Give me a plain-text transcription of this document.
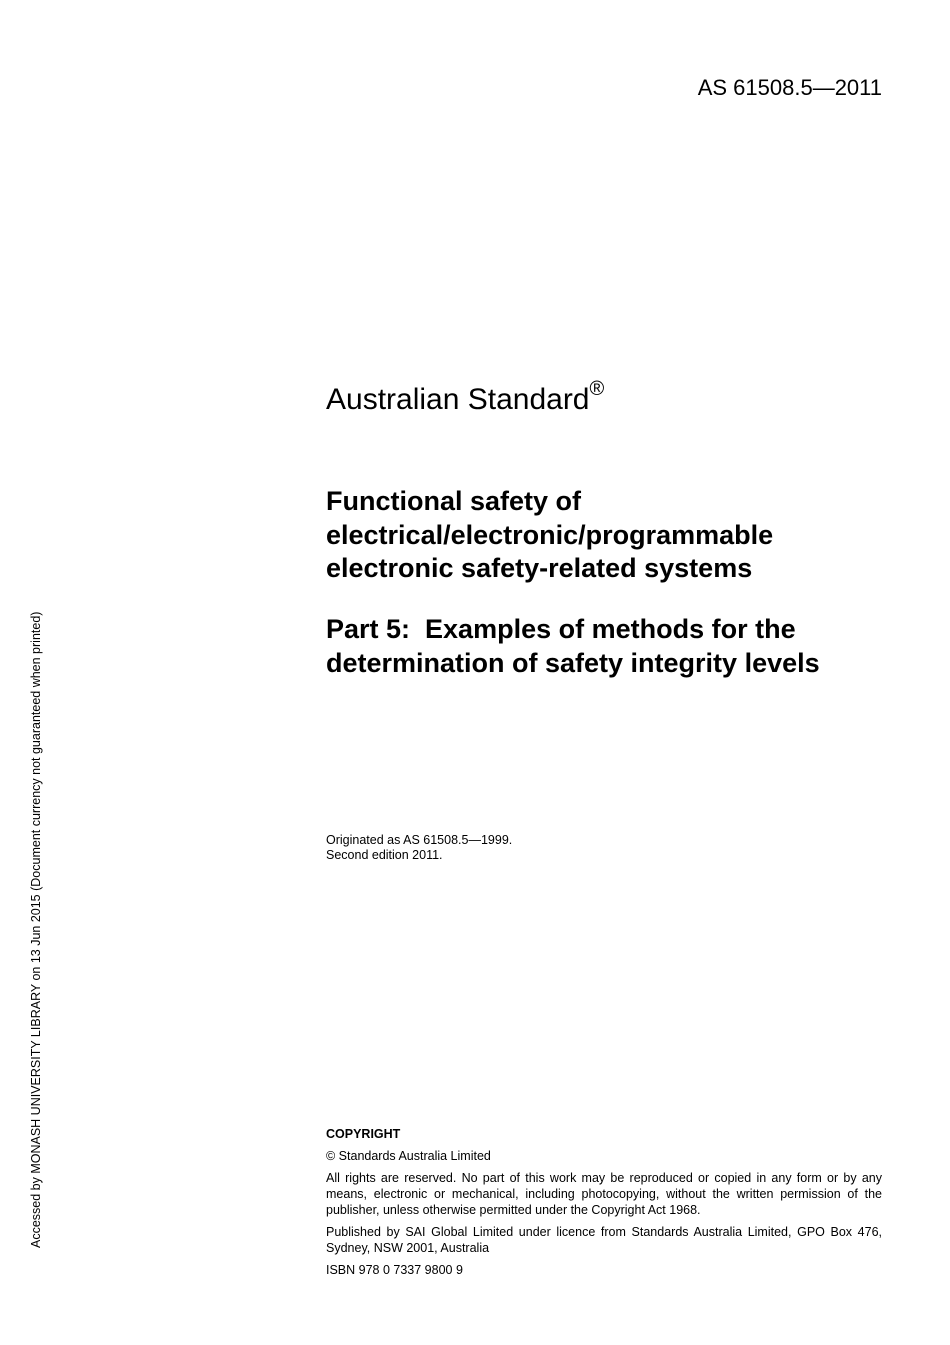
AS 61508.5—2011
Australian Standard®
Functional safety of
electrical/electronic/programmable
electronic safety-related systems
Part 5:  Examples of methods for the
determination of safety integrity levels
Originated as AS 61508.5—1999.
Second edition 2011.
COPYRIGHT

© Standards Australia Limited

All rights are reserved. No part of this work may be reproduced or copied in any form or by any means, electronic or mechanical, including photocopying, without the written permission of the publisher, unless otherwise permitted under the Copyright Act 1968.

Published by SAI Global Limited under licence from Standards Australia Limited, GPO Box 476, Sydney, NSW 2001, Australia

ISBN 978 0 7337 9800 9

Accessed by MONASH UNIVERSITY LIBRARY on 13 Jun 2015 (Document currency not guaranteed when printed)
